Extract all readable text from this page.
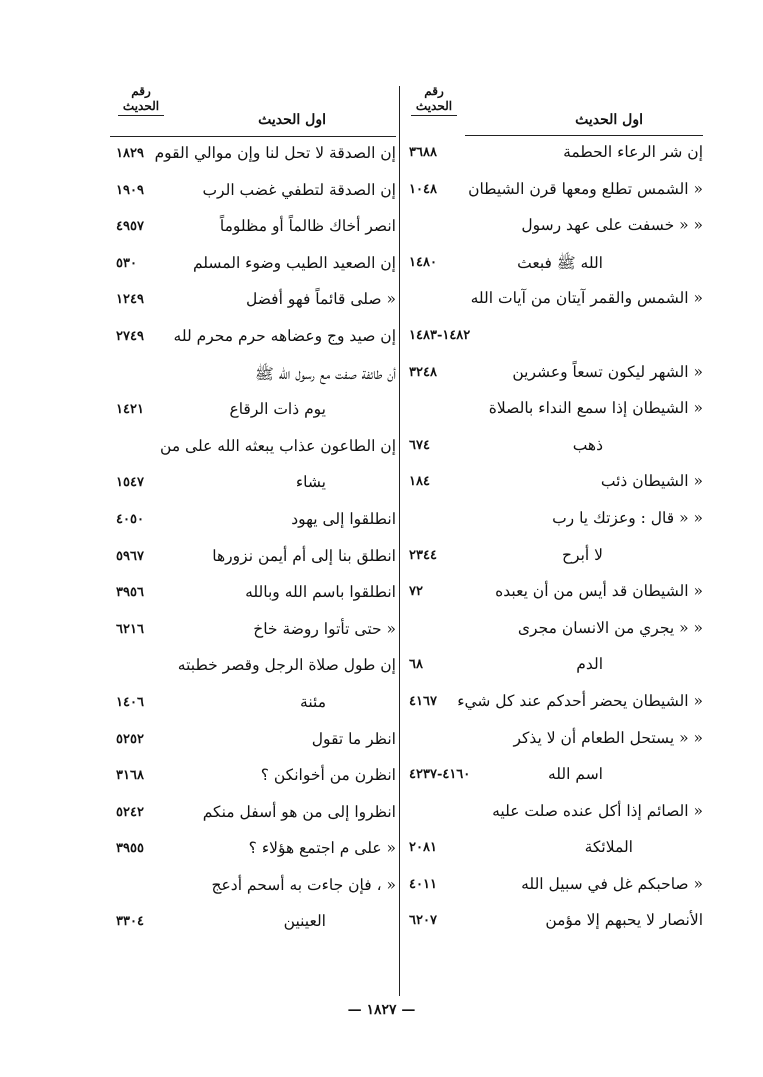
رقم
الحديث
اول الحديث
إن شر الرعاء الحطمة
٣٦٨٨
« الشمس تطلع ومعها قرن الشيطان
١٠٤٨
« « خسفت على عهد رسول
الله ﷺ فبعث
١٤٨٠
« الشمس والقمر آيتان من آيات الله
١٤٨٢-١٤٨٣
« الشهر ليكون تسعاً وعشرين
٣٢٤٨
« الشيطان إذا سمع النداء بالصلاة
ذهب
٦٧٤
« الشيطان ذئب
١٨٤
« « قال : وعزتك يا رب
لا أبرح
٢٣٤٤
« الشيطان قد أيس من أن يعبده
٧٢
« « يجري من الانسان مجرى
الدم
٦٨
« الشيطان يحضر أحدكم عند كل شيء
٤١٦٧
« « يستحل الطعام أن لا يذكر
اسم الله
٤١٦٠-٤٢٣٧
« الصائم إذا أكل عنده صلت عليه
الملائكة
٢٠٨١
« صاحبكم غل في سبيل الله
٤٠١١
الأنصار لا يحبهم إلا مؤمن
٦٢٠٧
رقم
الحديث
اول الحديث
إن الصدقة لا تحل لنا وإن موالي القوم
١٨٢٩
إن الصدقة لتطفي غضب الرب
١٩٠٩
انصر أخاك ظالماً أو مظلوماً
٤٩٥٧
إن الصعيد الطيب وضوء المسلم
٥٣٠
« صلى قائماً فهو أفضل
١٢٤٩
إن صيد وج وعضاهه حرم محرم لله
٢٧٤٩
أن طائفة صفت مع رسول الله ﷺ
يوم ذات الرقاع
١٤٢١
إن الطاعون عذاب يبعثه الله على من
يشاء
١٥٤٧
انطلقوا إلى يهود
٤٠٥٠
انطلق بنا إلى أم أيمن نزورها
٥٩٦٧
انطلقوا باسم الله وبالله
٣٩٥٦
« حتى تأتوا روضة خاخ
٦٢١٦
إن طول صلاة الرجل وقصر خطبته
مئنة
١٤٠٦
انظر ما تقول
٥٢٥٢
انظرن من أخوانكن ؟
٣١٦٨
انظروا إلى من هو أسفل منكم
٥٢٤٢
« على م اجتمع هؤلاء ؟
٣٩٥٥
« ، فإن جاءت به أسحم أدعج
العينين
٣٣٠٤
— ١٨٢٧ —
